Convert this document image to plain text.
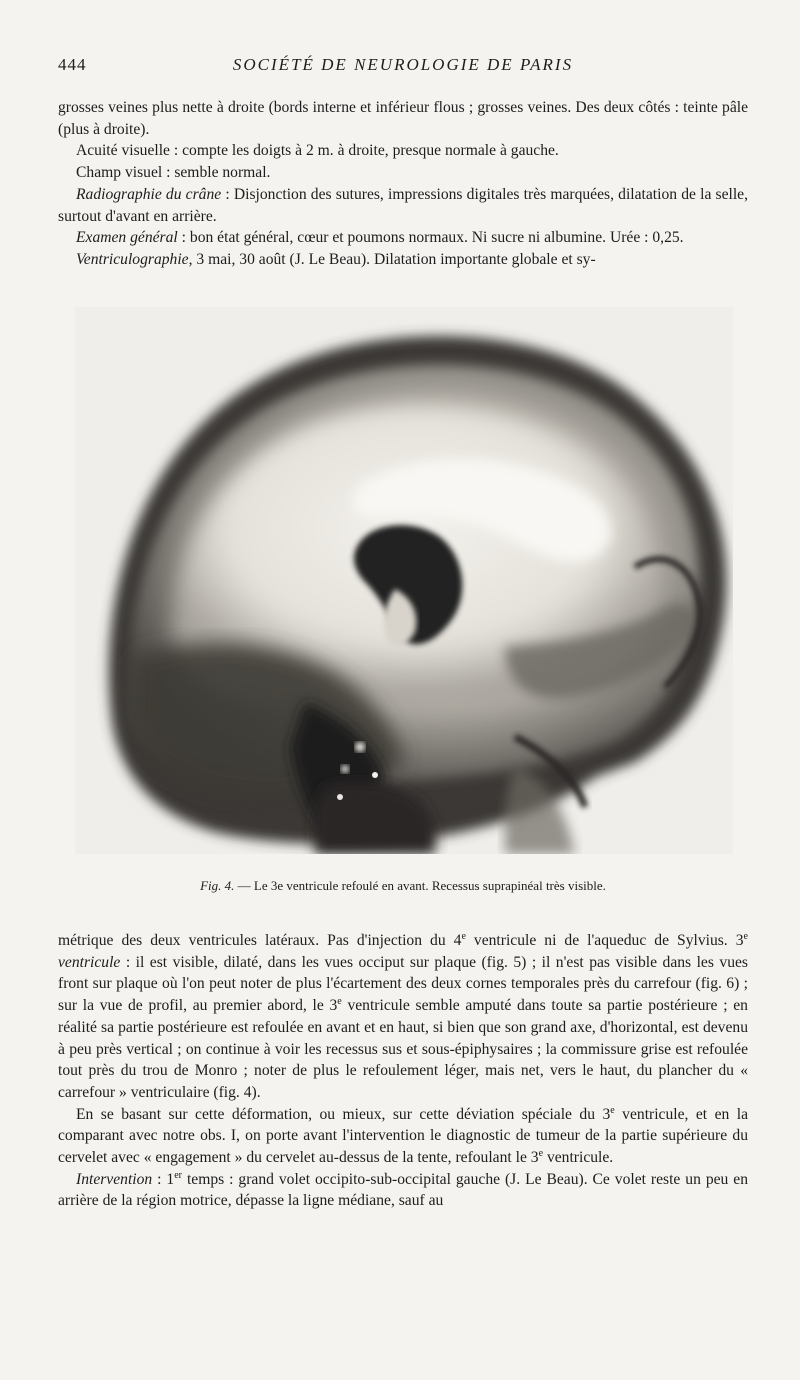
444	SOCIÉTÉ DE NEUROLOGIE DE PARIS

grosses veines plus nette à droite (bords interne et inférieur flous ; grosses veines. Des deux côtés : teinte pâle (plus à droite).

Acuité visuelle : compte les doigts à 2 m. à droite, presque normale à gauche.

Champ visuel : semble normal.

Radiographie du crâne : Disjonction des sutures, impressions digitales très marquées, dilatation de la selle, surtout d'avant en arrière.

Examen général : bon état général, cœur et poumons normaux. Ni sucre ni albumine. Urée : 0,25.

Ventriculographie, 3 mai, 30 août (J. Le Beau). Dilatation importante globale et sy-

Fig. 4. — Le 3e ventricule refoulé en avant. Recessus suprapinéal très visible.

métrique des deux ventricules latéraux. Pas d'injection du 4e ventricule ni de l'aqueduc de Sylvius. 3e ventricule : il est visible, dilaté, dans les vues occiput sur plaque (fig. 5) ; il n'est pas visible dans les vues front sur plaque où l'on peut noter de plus l'écartement des deux cornes temporales près du carrefour (fig. 6) ; sur la vue de profil, au premier abord, le 3e ventricule semble amputé dans toute sa partie postérieure ; en réalité sa partie postérieure est refoulée en avant et en haut, si bien que son grand axe, d'horizontal, est devenu à peu près vertical ; on continue à voir les recessus sus et sous-épiphysaires ; la commissure grise est refoulée tout près du trou de Monro ; noter de plus le refoulement léger, mais net, vers le haut, du plancher du « carrefour » ventriculaire (fig. 4).

En se basant sur cette déformation, ou mieux, sur cette déviation spéciale du 3e ventricule, et en la comparant avec notre obs. I, on porte avant l'intervention le diagnostic de tumeur de la partie supérieure du cervelet avec « engagement » du cervelet au-dessus de la tente, refoulant le 3e ventricule.

Intervention : 1er temps : grand volet occipito-sub-occipital gauche (J. Le Beau). Ce volet reste un peu en arrière de la région motrice, dépasse la ligne médiane, sauf au
